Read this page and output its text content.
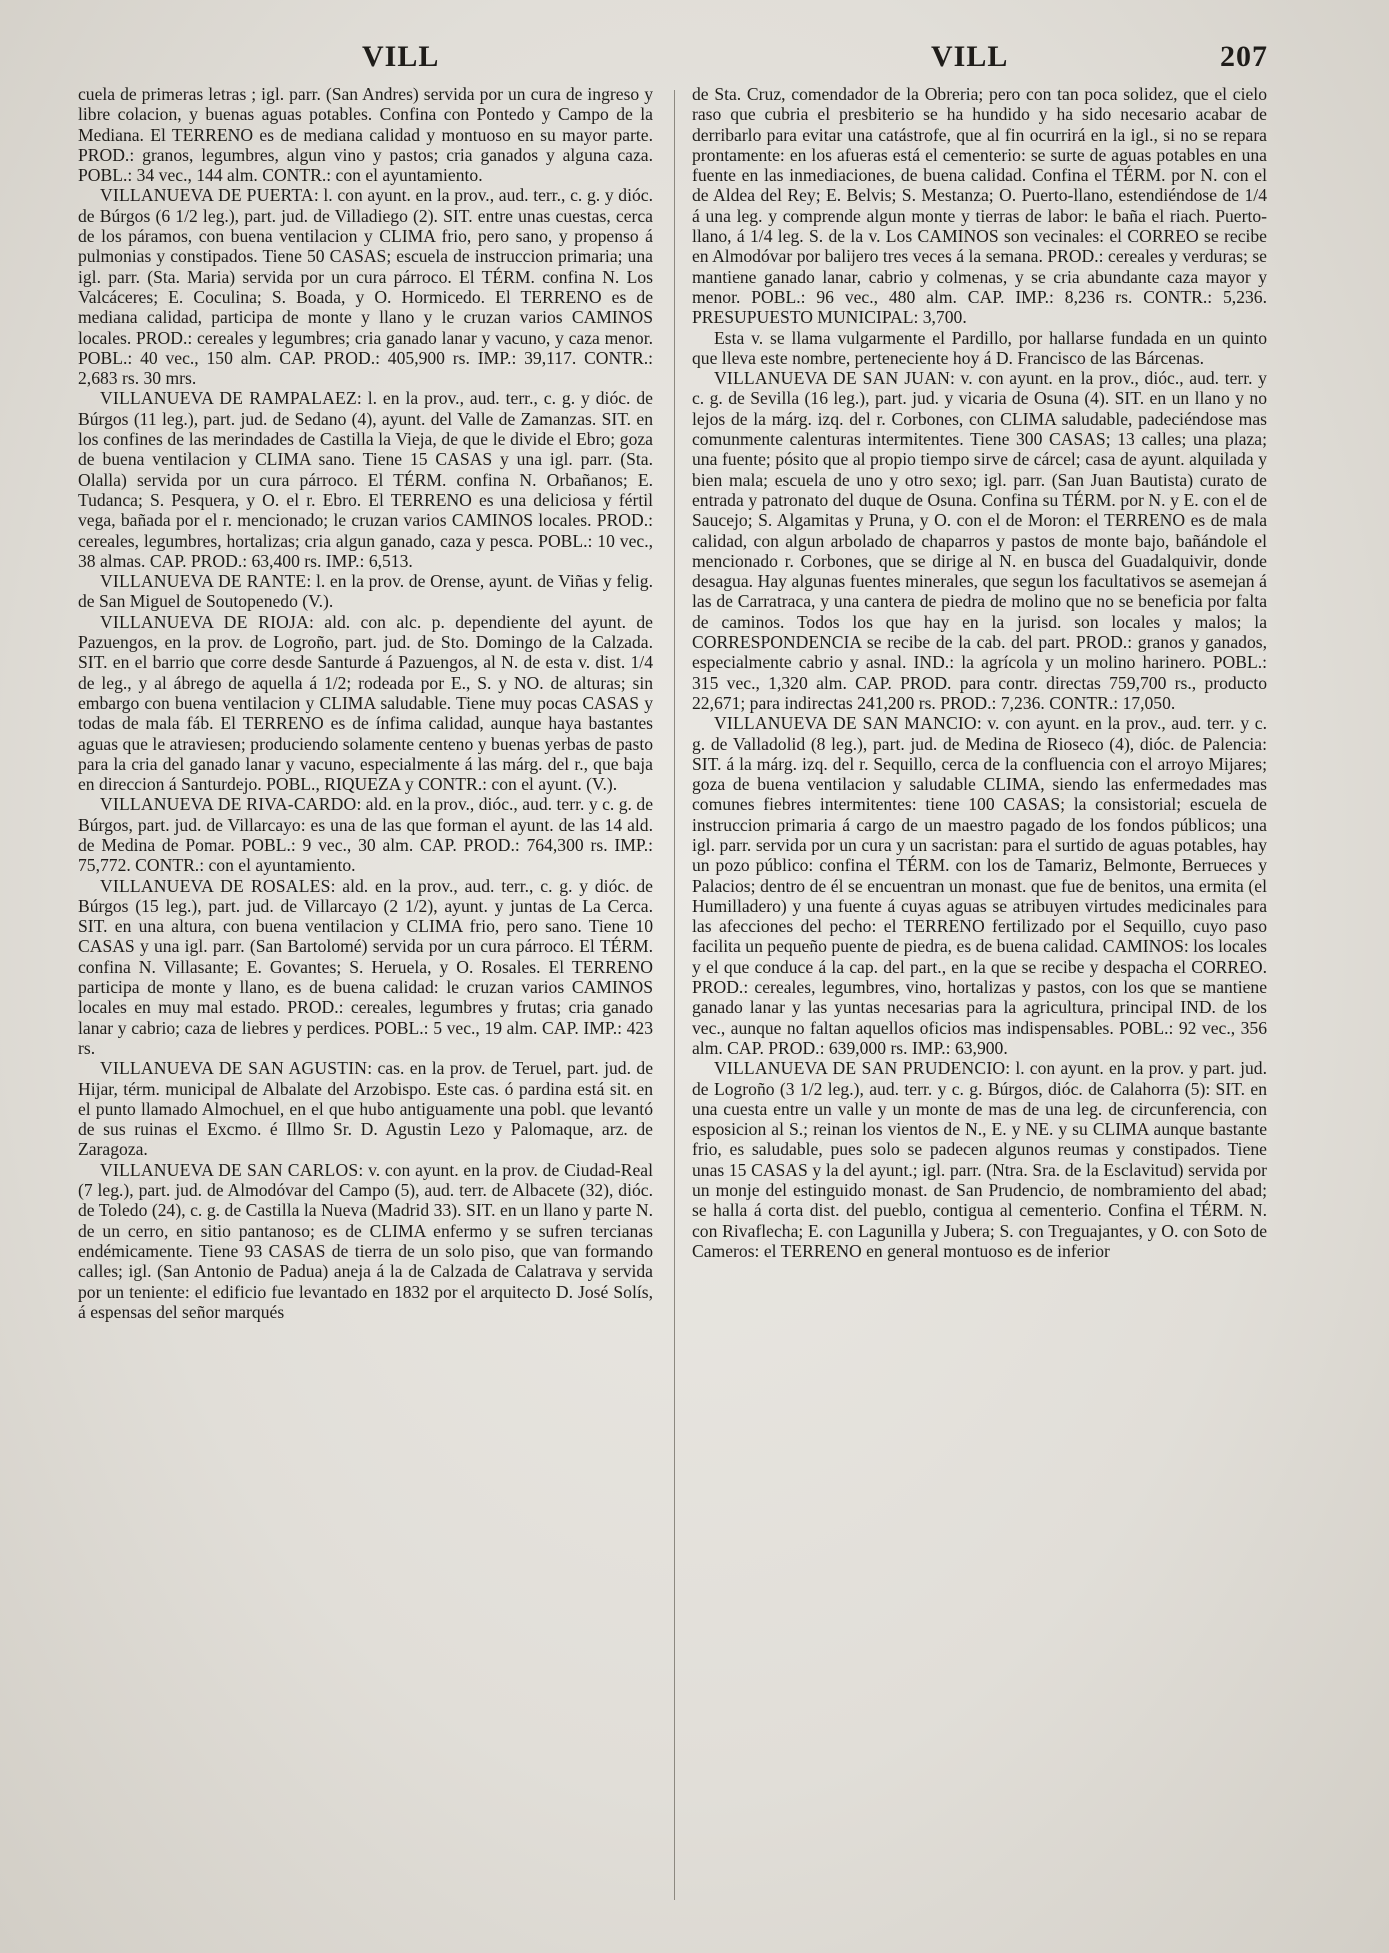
VILL	VILL	207

cuela de primeras letras ; igl. parr. (San Andres) servida por un cura de ingreso y libre colacion, y buenas aguas potables. Confina con Pontedo y Campo de la Mediana. El TERRENO es de mediana calidad y montuoso en su mayor parte. PROD.: granos, legumbres, algun vino y pastos; cria ganados y alguna caza. POBL.: 34 vec., 144 alm. CONTR.: con el ayuntamiento.

VILLANUEVA DE PUERTA: l. con ayunt. en la prov., aud. terr., c. g. y dióc. de Búrgos (6 1/2 leg.), part. jud. de Villadiego (2). SIT. entre unas cuestas, cerca de los páramos, con buena ventilacion y CLIMA frio, pero sano, y propenso á pulmonias y constipados. Tiene 50 CASAS; escuela de instruccion primaria; una igl. parr. (Sta. Maria) servida por un cura párroco. El TÉRM. confina N. Los Valcáceres; E. Coculina; S. Boada, y O. Hormicedo. El TERRENO es de mediana calidad, participa de monte y llano y le cruzan varios CAMINOS locales. PROD.: cereales y legumbres; cria ganado lanar y vacuno, y caza menor. POBL.: 40 vec., 150 alm. CAP. PROD.: 405,900 rs. IMP.: 39,117. CONTR.: 2,683 rs. 30 mrs.

VILLANUEVA DE RAMPALAEZ: l. en la prov., aud. terr., c. g. y dióc. de Búrgos (11 leg.), part. jud. de Sedano (4), ayunt. del Valle de Zamanzas. SIT. en los confines de las merindades de Castilla la Vieja, de que le divide el Ebro; goza de buena ventilacion y CLIMA sano. Tiene 15 CASAS y una igl. parr. (Sta. Olalla) servida por un cura párroco. El TÉRM. confina N. Orbañanos; E. Tudanca; S. Pesquera, y O. el r. Ebro. El TERRENO es una deliciosa y fértil vega, bañada por el r. mencionado; le cruzan varios CAMINOS locales. PROD.: cereales, legumbres, hortalizas; cria algun ganado, caza y pesca. POBL.: 10 vec., 38 almas. CAP. PROD.: 63,400 rs. IMP.: 6,513.

VILLANUEVA DE RANTE: l. en la prov. de Orense, ayunt. de Viñas y felig. de San Miguel de Soutopenedo (V.).

VILLANUEVA DE RIOJA: ald. con alc. p. dependiente del ayunt. de Pazuengos, en la prov. de Logroño, part. jud. de Sto. Domingo de la Calzada. SIT. en el barrio que corre desde Santurde á Pazuengos, al N. de esta v. dist. 1/4 de leg., y al ábrego de aquella á 1/2; rodeada por E., S. y NO. de alturas; sin embargo con buena ventilacion y CLIMA saludable. Tiene muy pocas CASAS y todas de mala fáb. El TERRENO es de ínfima calidad, aunque haya bastantes aguas que le atraviesen; produciendo solamente centeno y buenas yerbas de pasto para la cria del ganado lanar y vacuno, especialmente á las márg. del r., que baja en direccion á Santurdejo. POBL., RIQUEZA y CONTR.: con el ayunt. (V.).

VILLANUEVA DE RIVA-CARDO: ald. en la prov., dióc., aud. terr. y c. g. de Búrgos, part. jud. de Villarcayo: es una de las que forman el ayunt. de las 14 ald. de Medina de Pomar. POBL.: 9 vec., 30 alm. CAP. PROD.: 764,300 rs. IMP.: 75,772. CONTR.: con el ayuntamiento.

VILLANUEVA DE ROSALES: ald. en la prov., aud. terr., c. g. y dióc. de Búrgos (15 leg.), part. jud. de Villarcayo (2 1/2), ayunt. y juntas de La Cerca. SIT. en una altura, con buena ventilacion y CLIMA frio, pero sano. Tiene 10 CASAS y una igl. parr. (San Bartolomé) servida por un cura párroco. El TÉRM. confina N. Villasante; E. Govantes; S. Heruela, y O. Rosales. El TERRENO participa de monte y llano, es de buena calidad: le cruzan varios CAMINOS locales en muy mal estado. PROD.: cereales, legumbres y frutas; cria ganado lanar y cabrio; caza de liebres y perdices. POBL.: 5 vec., 19 alm. CAP. IMP.: 423 rs.

VILLANUEVA DE SAN AGUSTIN: cas. en la prov. de Teruel, part. jud. de Hijar, térm. municipal de Albalate del Arzobispo. Este cas. ó pardina está sit. en el punto llamado Almochuel, en el que hubo antiguamente una pobl. que levantó de sus ruinas el Excmo. é Illmo Sr. D. Agustin Lezo y Palomaque, arz. de Zaragoza.

VILLANUEVA DE SAN CARLOS: v. con ayunt. en la prov. de Ciudad-Real (7 leg.), part. jud. de Almodóvar del Campo (5), aud. terr. de Albacete (32), dióc. de Toledo (24), c. g. de Castilla la Nueva (Madrid 33). SIT. en un llano y parte N. de un cerro, en sitio pantanoso; es de CLIMA enfermo y se sufren tercianas endémicamente. Tiene 93 CASAS de tierra de un solo piso, que van formando calles; igl. (San Antonio de Padua) aneja á la de Calzada de Calatrava y servida por un teniente: el edificio fue levantado en 1832 por el arquitecto D. José Solís, á espensas del señor marqués

de Sta. Cruz, comendador de la Obreria; pero con tan poca solidez, que el cielo raso que cubria el presbiterio se ha hundido y ha sido necesario acabar de derribarlo para evitar una catástrofe, que al fin ocurrirá en la igl., si no se repara prontamente: en los afueras está el cementerio: se surte de aguas potables en una fuente en las inmediaciones, de buena calidad. Confina el TÉRM. por N. con el de Aldea del Rey; E. Belvis; S. Mestanza; O. Puerto-llano, estendiéndose de 1/4 á una leg. y comprende algun monte y tierras de labor: le baña el riach. Puerto-llano, á 1/4 leg. S. de la v. Los CAMINOS son vecinales: el CORREO se recibe en Almodóvar por balijero tres veces á la semana. PROD.: cereales y verduras; se mantiene ganado lanar, cabrio y colmenas, y se cria abundante caza mayor y menor. POBL.: 96 vec., 480 alm. CAP. IMP.: 8,236 rs. CONTR.: 5,236. PRESUPUESTO MUNICIPAL: 3,700.

Esta v. se llama vulgarmente el Pardillo, por hallarse fundada en un quinto que lleva este nombre, perteneciente hoy á D. Francisco de las Bárcenas.

VILLANUEVA DE SAN JUAN: v. con ayunt. en la prov., dióc., aud. terr. y c. g. de Sevilla (16 leg.), part. jud. y vicaria de Osuna (4). SIT. en un llano y no lejos de la márg. izq. del r. Corbones, con CLIMA saludable, padeciéndose mas comunmente calenturas intermitentes. Tiene 300 CASAS; 13 calles; una plaza; una fuente; pósito que al propio tiempo sirve de cárcel; casa de ayunt. alquilada y bien mala; escuela de uno y otro sexo; igl. parr. (San Juan Bautista) curato de entrada y patronato del duque de Osuna. Confina su TÉRM. por N. y E. con el de Saucejo; S. Algamitas y Pruna, y O. con el de Moron: el TERRENO es de mala calidad, con algun arbolado de chaparros y pastos de monte bajo, bañándole el mencionado r. Corbones, que se dirige al N. en busca del Guadalquivir, donde desagua. Hay algunas fuentes minerales, que segun los facultativos se asemejan á las de Carratraca, y una cantera de piedra de molino que no se beneficia por falta de caminos. Todos los que hay en la jurisd. son locales y malos; la CORRESPONDENCIA se recibe de la cab. del part. PROD.: granos y ganados, especialmente cabrio y asnal. IND.: la agrícola y un molino harinero. POBL.: 315 vec., 1,320 alm. CAP. PROD. para contr. directas 759,700 rs., producto 22,671; para indirectas 241,200 rs. PROD.: 7,236. CONTR.: 17,050.

VILLANUEVA DE SAN MANCIO: v. con ayunt. en la prov., aud. terr. y c. g. de Valladolid (8 leg.), part. jud. de Medina de Rioseco (4), dióc. de Palencia: SIT. á la márg. izq. del r. Sequillo, cerca de la confluencia con el arroyo Mijares; goza de buena ventilacion y saludable CLIMA, siendo las enfermedades mas comunes fiebres intermitentes: tiene 100 CASAS; la consistorial; escuela de instruccion primaria á cargo de un maestro pagado de los fondos públicos; una igl. parr. servida por un cura y un sacristan: para el surtido de aguas potables, hay un pozo público: confina el TÉRM. con los de Tamariz, Belmonte, Berrueces y Palacios; dentro de él se encuentran un monast. que fue de benitos, una ermita (el Humilladero) y una fuente á cuyas aguas se atribuyen virtudes medicinales para las afecciones del pecho: el TERRENO fertilizado por el Sequillo, cuyo paso facilita un pequeño puente de piedra, es de buena calidad. CAMINOS: los locales y el que conduce á la cap. del part., en la que se recibe y despacha el CORREO. PROD.: cereales, legumbres, vino, hortalizas y pastos, con los que se mantiene ganado lanar y las yuntas necesarias para la agricultura, principal IND. de los vec., aunque no faltan aquellos oficios mas indispensables. POBL.: 92 vec., 356 alm. CAP. PROD.: 639,000 rs. IMP.: 63,900.

VILLANUEVA DE SAN PRUDENCIO: l. con ayunt. en la prov. y part. jud. de Logroño (3 1/2 leg.), aud. terr. y c. g. Búrgos, dióc. de Calahorra (5): SIT. en una cuesta entre un valle y un monte de mas de una leg. de circunferencia, con esposicion al S.; reinan los vientos de N., E. y NE. y su CLIMA aunque bastante frio, es saludable, pues solo se padecen algunos reumas y constipados. Tiene unas 15 CASAS y la del ayunt.; igl. parr. (Ntra. Sra. de la Esclavitud) servida por un monje del estinguido monast. de San Prudencio, de nombramiento del abad; se halla á corta dist. del pueblo, contigua al cementerio. Confina el TÉRM. N. con Rivaflecha; E. con Lagunilla y Jubera; S. con Treguajantes, y O. con Soto de Cameros: el TERRENO en general montuoso es de inferior
